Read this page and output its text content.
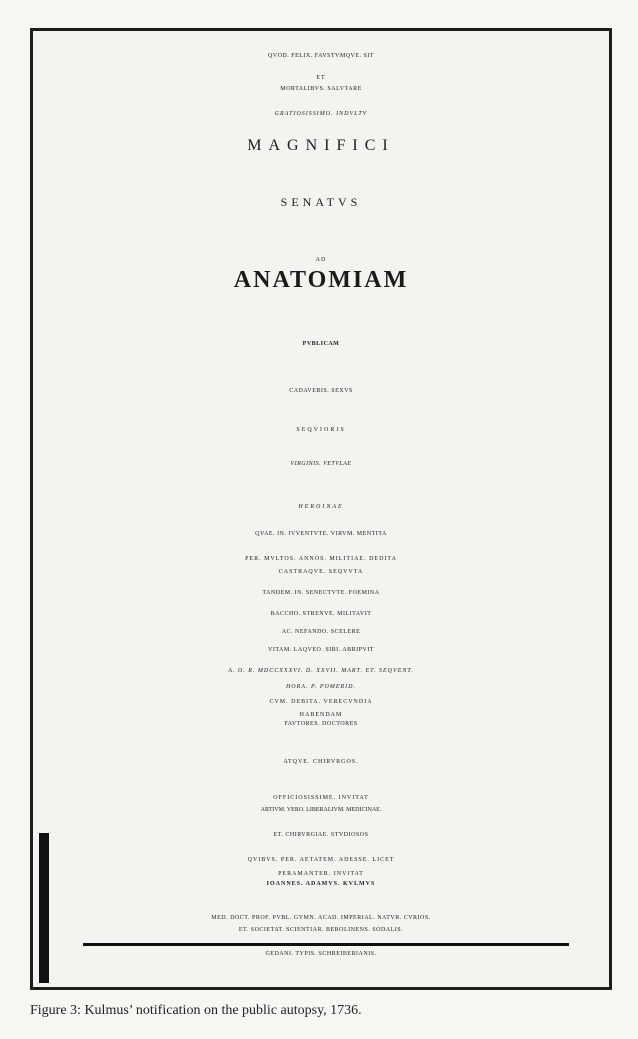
QVOD. FELIX. FAVSTVMQVE. SIT
ET
MORTALIBVS. SALVTARE
GRATIOSISSIMO. INDVLTV
MAGNIFICI
SENATVS
AD
ANATOMIAM
PVBLICAM
CADAVERIS. SEXVS
SEQVIORIS
VIRGINIS. VETVLAE
HEROINAE
QVAE. IN. IVVENTVTE. VIRVM. MENTITA
PER. MVLTOS. ANNOS. MILITIAE. DEDITA
CASTRAQVE. SEQVVTA
TANDEM. IN. SENECTVTE. FOEMINA
BACCHO. STRENVE. MILITAVIT
AC. NEFANDO. SCELERE
VITAM. LAQVEO. SIBI. ABRIPVIT
A. O. R. MDCCXXXVI. D. XXVII. MART. ET. SEQVENT.
HORA. P. POMERID.
CVM. DEBITA. VERECVNDIA
HABENDAM
FAVTORES. DOCTORES
ATQVE. CHIRVRGOS.
OFFICIOSISSIME. INVITAT
ARTIVM. VERO. LIBERALIVM. MEDICINAE.
ET. CHIRVRGIAE. STVDIOSOS
QVIBVS. PER. AETATEM. ADESSE. LICET
PERAMANTER. INVITAT
IOANNES. ADAMVS. KVLMVS
MED. DOCT. PROF. PVBL. GYMN. ACAD. IMPERIAL. NATVR. CVRIOS.
ET. SOCIETAT. SCIENTIAR. BEROLINENS. SODALIS.
GEDANI. TYPIS. SCHREIBERIANIS.
Figure 3: Kulmus’ notification on the public autopsy, 1736.
